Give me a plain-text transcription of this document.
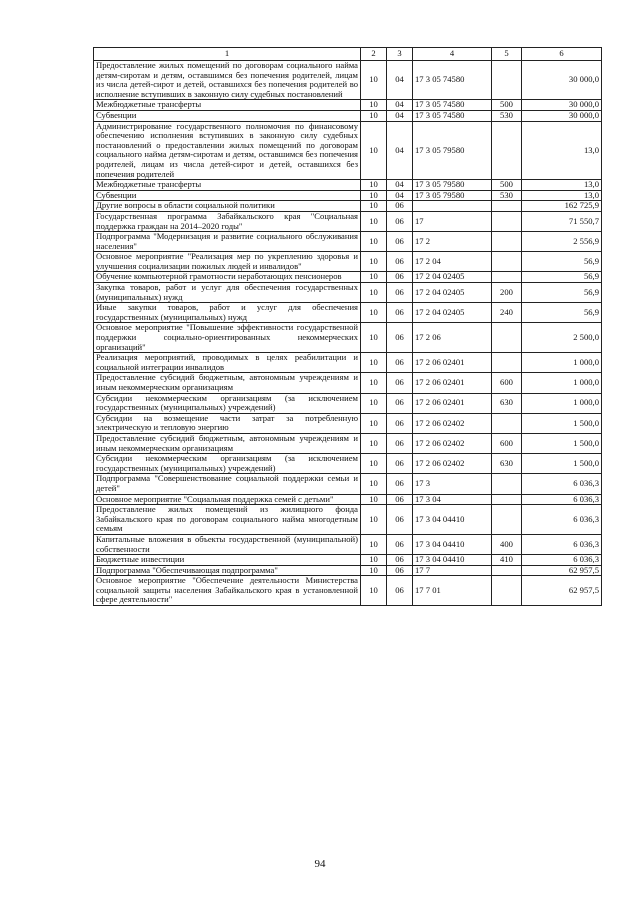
1	2	3	4	5	6
Предоставление жилых помещений по договорам социального найма детям-сиротам и детям, оставшимся без попечения родителей, лицам из числа детей-сирот и детей, оставшихся без попечения родителей во исполнение вступивших в законную силу судебных постановлений	10	04	17 3 05 74580		30 000,0
Межбюджетные трансферты	10	04	17 3 05 74580	500	30 000,0
Субвенции	10	04	17 3 05 74580	530	30 000,0
Администрирование государственного полномочия по финансовому обеспечению исполнения вступивших в законную силу судебных постановлений о предоставлении жилых помещений по договорам социального найма детям-сиротам и детям, оставшимся без попечения родителей, лицам из числа детей-сирот и детей, оставшихся без попечения родителей	10	04	17 3 05 79580		13,0
Межбюджетные трансферты	10	04	17 3 05 79580	500	13,0
Субвенции	10	04	17 3 05 79580	530	13,0
Другие вопросы в области социальной политики	10	06			162 725,9
Государственная программа Забайкальского края "Социальная поддержка граждан на 2014–2020 годы"	10	06	17		71 550,7
Подпрограмма "Модернизация и развитие социального обслуживания населения"	10	06	17 2		2 556,9
Основное мероприятие "Реализация мер по укреплению здоровья и улучшения социализации пожилых людей и инвалидов"	10	06	17 2 04		56,9
Обучение компьютерной грамотности неработающих пенсионеров	10	06	17 2 04 02405		56,9
Закупка товаров, работ и услуг для обеспечения государственных (муниципальных) нужд	10	06	17 2 04 02405	200	56,9
Иные закупки товаров, работ и услуг для обеспечения государственных (муниципальных) нужд	10	06	17 2 04 02405	240	56,9
Основное мероприятие "Повышение эффективности государственной поддержки социально-ориентированных некоммерческих организаций"	10	06	17 2 06		2 500,0
Реализация мероприятий, проводимых в целях реабилитации и социальной интеграции инвалидов	10	06	17 2 06 02401		1 000,0
Предоставление субсидий бюджетным, автономным учреждениям и иным некоммерческим организациям	10	06	17 2 06 02401	600	1 000,0
Субсидии некоммерческим организациям (за исключением государственных (муниципальных) учреждений)	10	06	17 2 06 02401	630	1 000,0
Субсидии на возмещение части затрат за потребленную электрическую и тепловую энергию	10	06	17 2 06 02402		1 500,0
Предоставление субсидий бюджетным, автономным учреждениям и иным некоммерческим организациям	10	06	17 2 06 02402	600	1 500,0
Субсидии некоммерческим организациям (за исключением государственных (муниципальных) учреждений)	10	06	17 2 06 02402	630	1 500,0
Подпрограмма "Совершенствование социальной поддержки семьи и детей"	10	06	17 3		6 036,3
Основное мероприятие "Социальная поддержка семей с детьми"	10	06	17 3 04		6 036,3
Предоставление жилых помещений из жилищного фонда Забайкальского края по договорам социального найма многодетным семьям	10	06	17 3 04 04410		6 036,3
Капитальные вложения в объекты государственной (муниципальной) собственности	10	06	17 3 04 04410	400	6 036,3
Бюджетные инвестиции	10	06	17 3 04 04410	410	6 036,3
Подпрограмма "Обеспечивающая подпрограмма"	10	06	17 7		62 957,5
Основное мероприятие "Обеспечение деятельности Министерства социальной защиты населения Забайкальского края в установленной сфере деятельности"	10	06	17 7 01		62 957,5
94
